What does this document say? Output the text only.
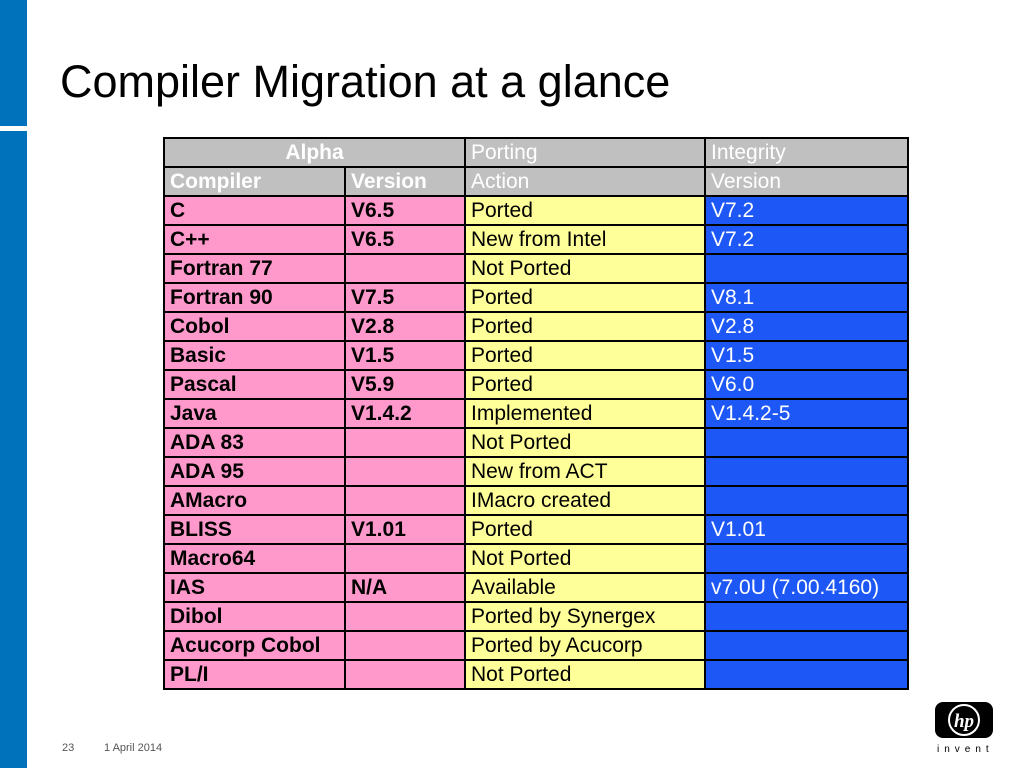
Compiler Migration at a glance
Alpha		Porting	Integrity
Compiler	Version	Action	Version
C	V6.5	Ported	V7.2
C++	V6.5	New from Intel	V7.2
Fortran 77		Not Ported	
Fortran 90	V7.5	Ported	V8.1
Cobol	V2.8	Ported	V2.8
Basic	V1.5	Ported	V1.5
Pascal	V5.9	Ported	V6.0
Java	V1.4.2	Implemented	V1.4.2-5
ADA 83		Not Ported	
ADA 95		New from ACT	
AMacro		IMacro created	
BLISS	V1.01	Ported	V1.01
Macro64		Not Ported	
IAS	N/A	Available	v7.0U (7.00.4160)
Dibol		Ported by Synergex	
Acucorp Cobol		Ported by Acucorp	
PL/I		Not Ported	
23	1 April 2014
hp
invent
